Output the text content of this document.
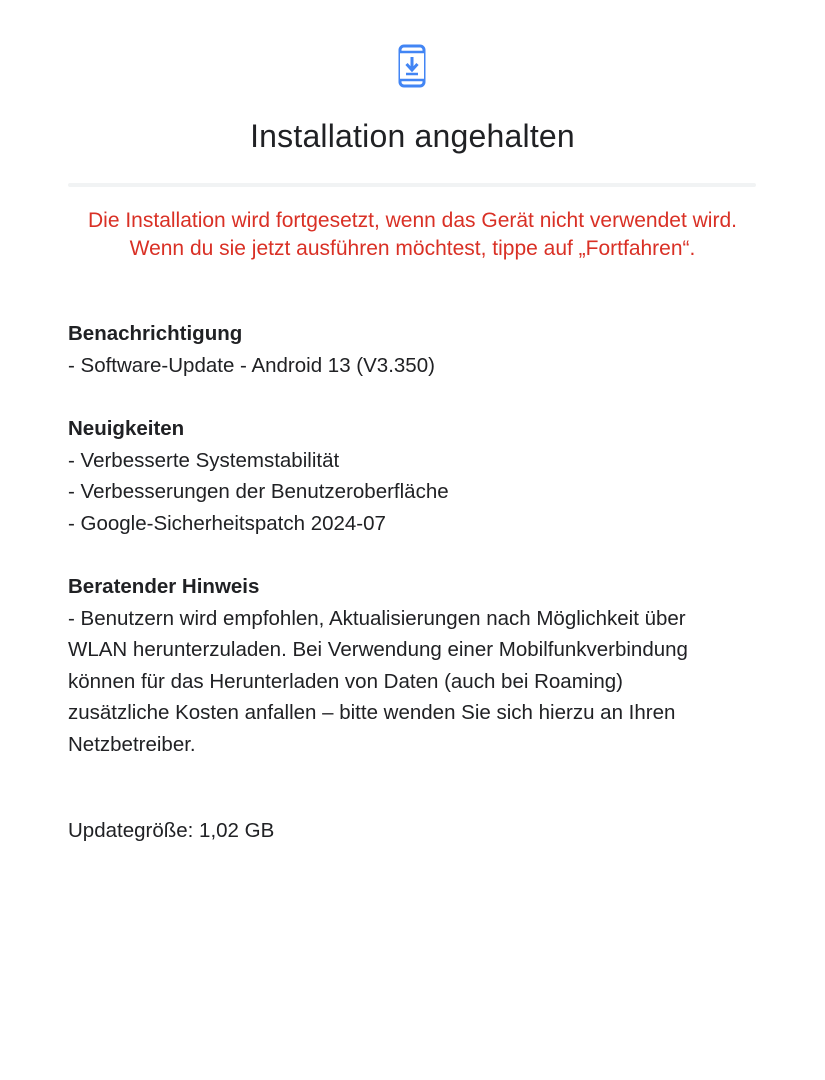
Installation angehalten
Die Installation wird fortgesetzt, wenn das Gerät nicht verwendet wird.
Wenn du sie jetzt ausführen möchtest, tippe auf „Fortfahren“.

Benachrichtigung

- Software-Update - Android 13 (V3.350)

Neuigkeiten

- Verbesserte Systemstabilität

- Verbesserungen der Benutzeroberfläche

- Google-Sicherheitspatch 2024-07

Beratender Hinweis

- Benutzern wird empfohlen, Aktualisierungen nach Möglichkeit über

WLAN herunterzuladen. Bei Verwendung einer Mobilfunkverbindung

können für das Herunterladen von Daten (auch bei Roaming)

zusätzliche Kosten anfallen – bitte wenden Sie sich hierzu an Ihren

Netzbetreiber.

Updategröße: 1,02 GB
